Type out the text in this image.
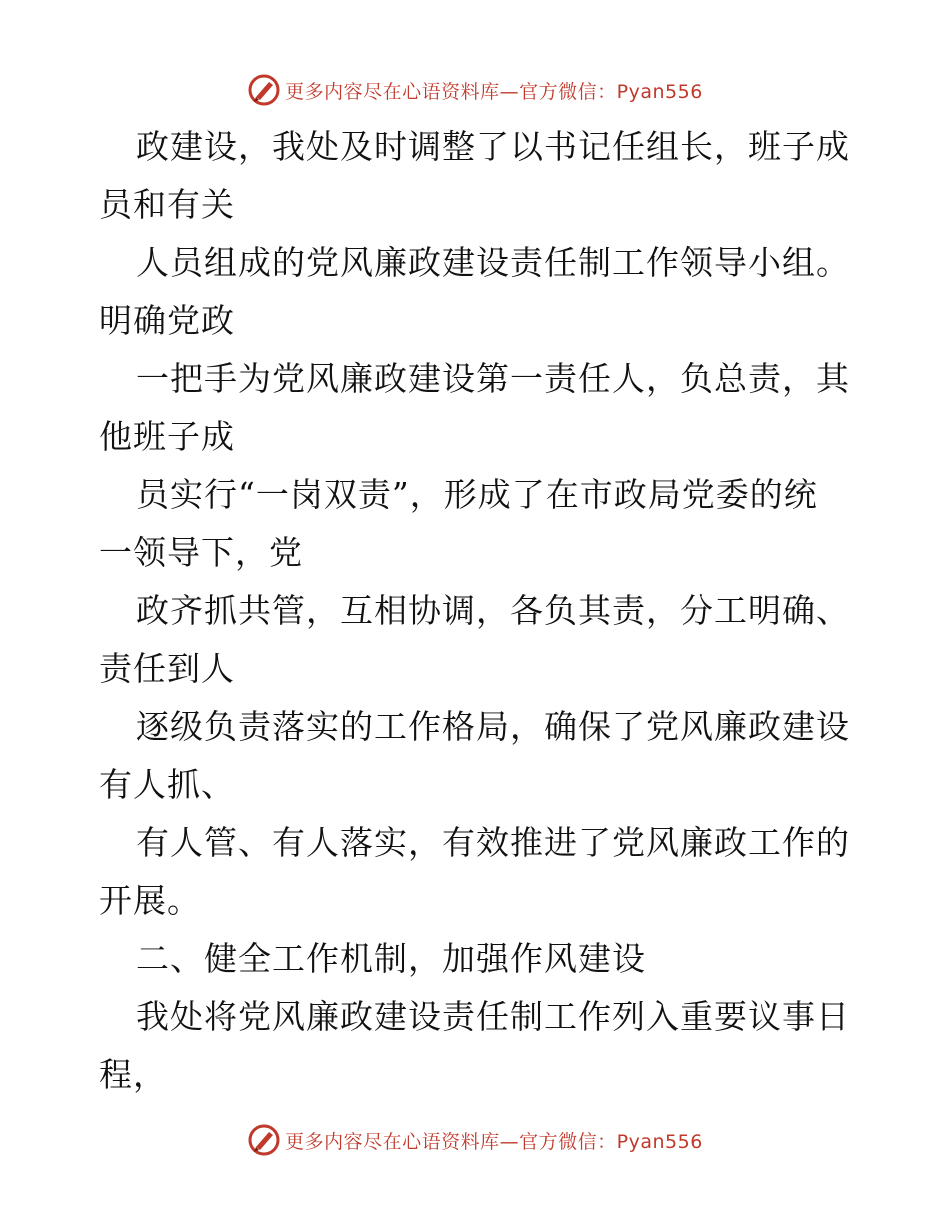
更多内容尽在心语资料库—官方微信：Pyan556
政建设，我处及时调整了以书记任组长，班子成
员和有关
人员组成的党风廉政建设责任制工作领导小组。
明确党政
一把手为党风廉政建设第一责任人，负总责，其
他班子成
员实行“一岗双责”，形成了在市政局党委的统
一领导下，党
政齐抓共管，互相协调，各负其责，分工明确、
责任到人
逐级负责落实的工作格局，确保了党风廉政建设
有人抓、
有人管、有人落实，有效推进了党风廉政工作的
开展。
二、健全工作机制，加强作风建设
我处将党风廉政建设责任制工作列入重要议事日
程，
更多内容尽在心语资料库—官方微信：Pyan556
